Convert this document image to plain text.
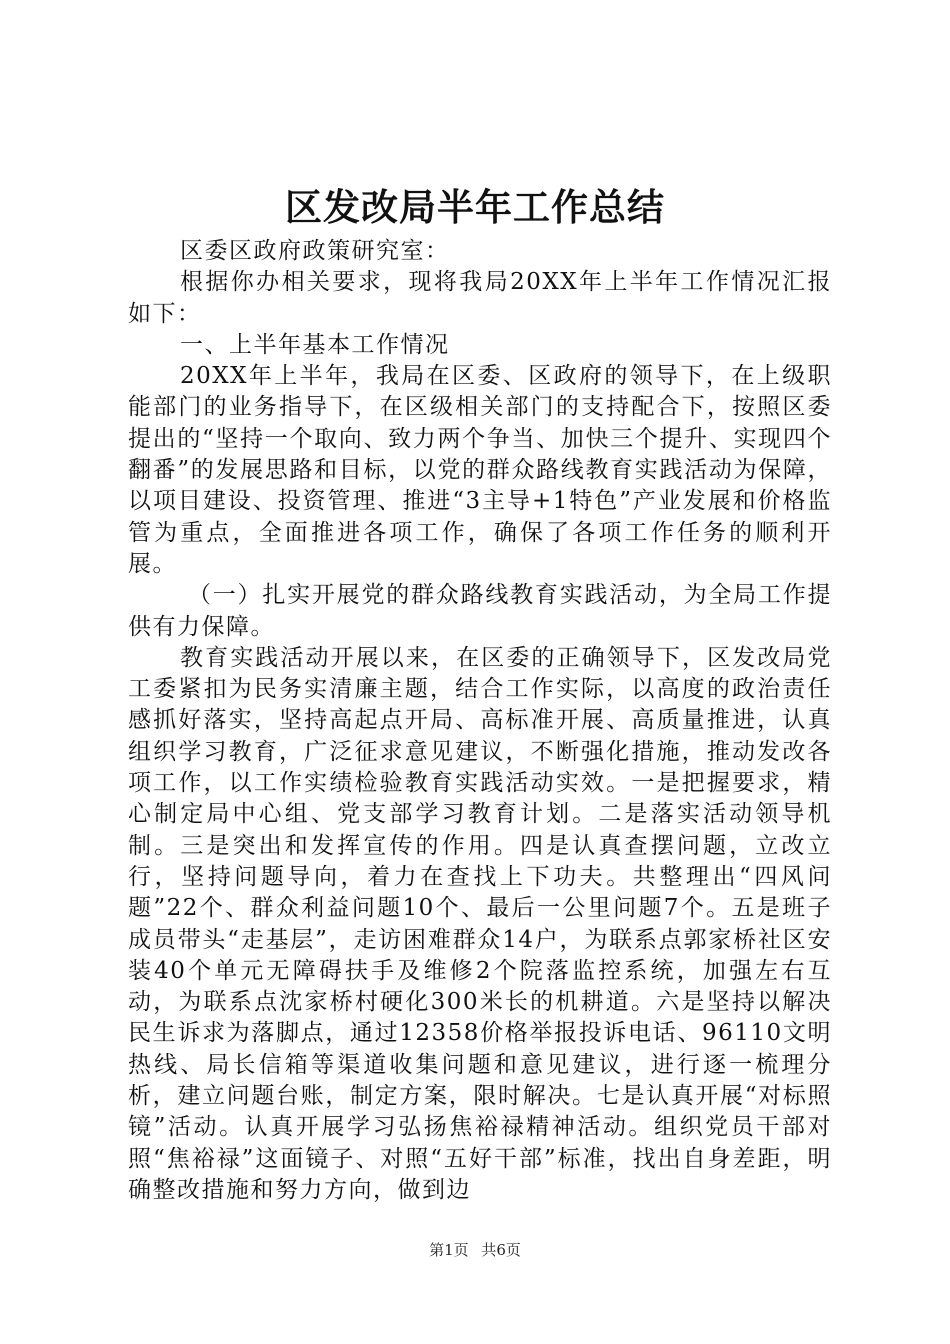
区发改局半年工作总结

区委区政府政策研究室：

根据你办相关要求，现将我局20XX年上半年工作情况汇报如下：

一、上半年基本工作情况

20XX年上半年，我局在区委、区政府的领导下，在上级职能部门的业务指导下，在区级相关部门的支持配合下，按照区委提出的“坚持一个取向、致力两个争当、加快三个提升、实现四个翻番”的发展思路和目标，以党的群众路线教育实践活动为保障，以项目建设、投资管理、推进“3主导+1特色”产业发展和价格监管为重点，全面推进各项工作，确保了各项工作任务的顺利开展。

（一）扎实开展党的群众路线教育实践活动，为全局工作提供有力保障。

教育实践活动开展以来，在区委的正确领导下，区发改局党工委紧扣为民务实清廉主题，结合工作实际，以高度的政治责任感抓好落实，坚持高起点开局、高标准开展、高质量推进，认真组织学习教育，广泛征求意见建议，不断强化措施，推动发改各项工作，以工作实绩检验教育实践活动实效。一是把握要求，精心制定局中心组、党支部学习教育计划。二是落实活动领导机制。三是突出和发挥宣传的作用。四是认真查摆问题，立改立行，坚持问题导向，着力在查找上下功夫。共整理出“四风问题”22个、群众利益问题10个、最后一公里问题7个。五是班子成员带头“走基层”，走访困难群众14户，为联系点郭家桥社区安装40个单元无障碍扶手及维修2个院落监控系统，加强左右互动，为联系点沈家桥村硬化300米长的机耕道。六是坚持以解决民生诉求为落脚点，通过12358价格举报投诉电话、96110文明热线、局长信箱等渠道收集问题和意见建议，进行逐一梳理分析，建立问题台账，制定方案，限时解决。七是认真开展“对标照镜”活动。认真开展学习弘扬焦裕禄精神活动。组织党员干部对照“焦裕禄”这面镜子、对照“五好干部”标准，找出自身差距，明确整改措施和努力方向，做到边

第1页 共6页
